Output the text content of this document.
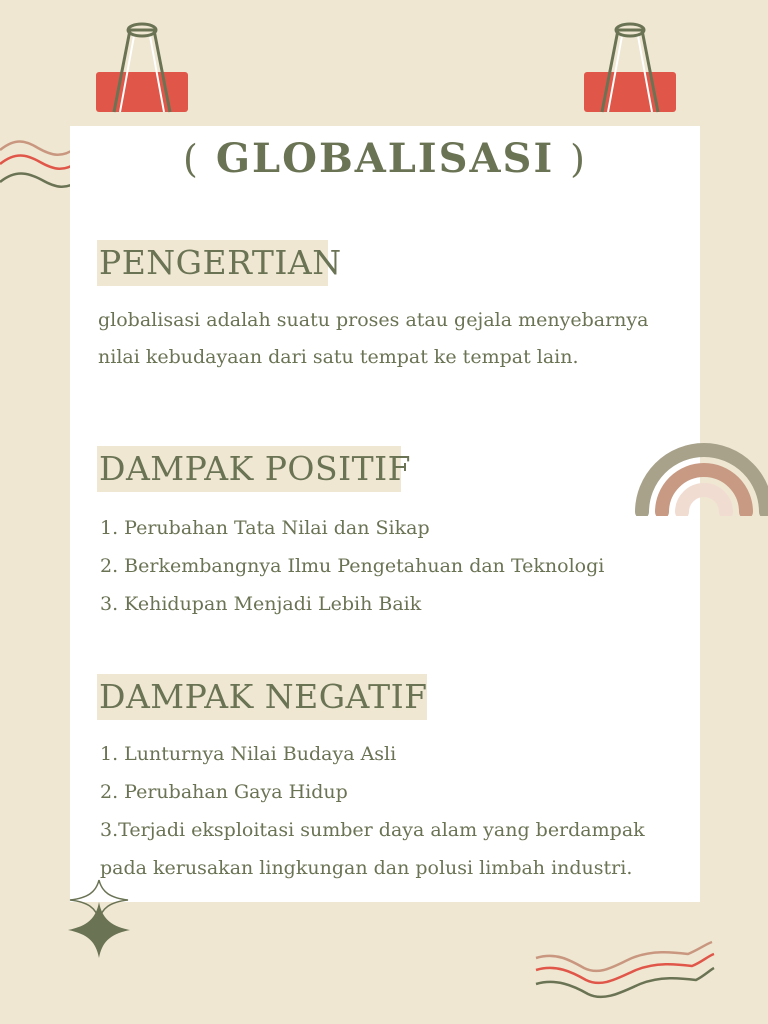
( GLOBALISASI )
PENGERTIAN

globalisasi adalah suatu proses atau gejala menyebarnya nilai kebudayaan dari satu tempat ke tempat lain.

DAMPAK POSITIF
1. Perubahan Tata Nilai dan Sikap
2. Berkembangnya Ilmu Pengetahuan dan Teknologi
3. Kehidupan Menjadi Lebih Baik
DAMPAK NEGATIF
1. Lunturnya Nilai Budaya Asli
2. Perubahan Gaya Hidup
3.Terjadi eksploitasi sumber daya alam yang berdampak
pada kerusakan lingkungan dan polusi limbah industri.
